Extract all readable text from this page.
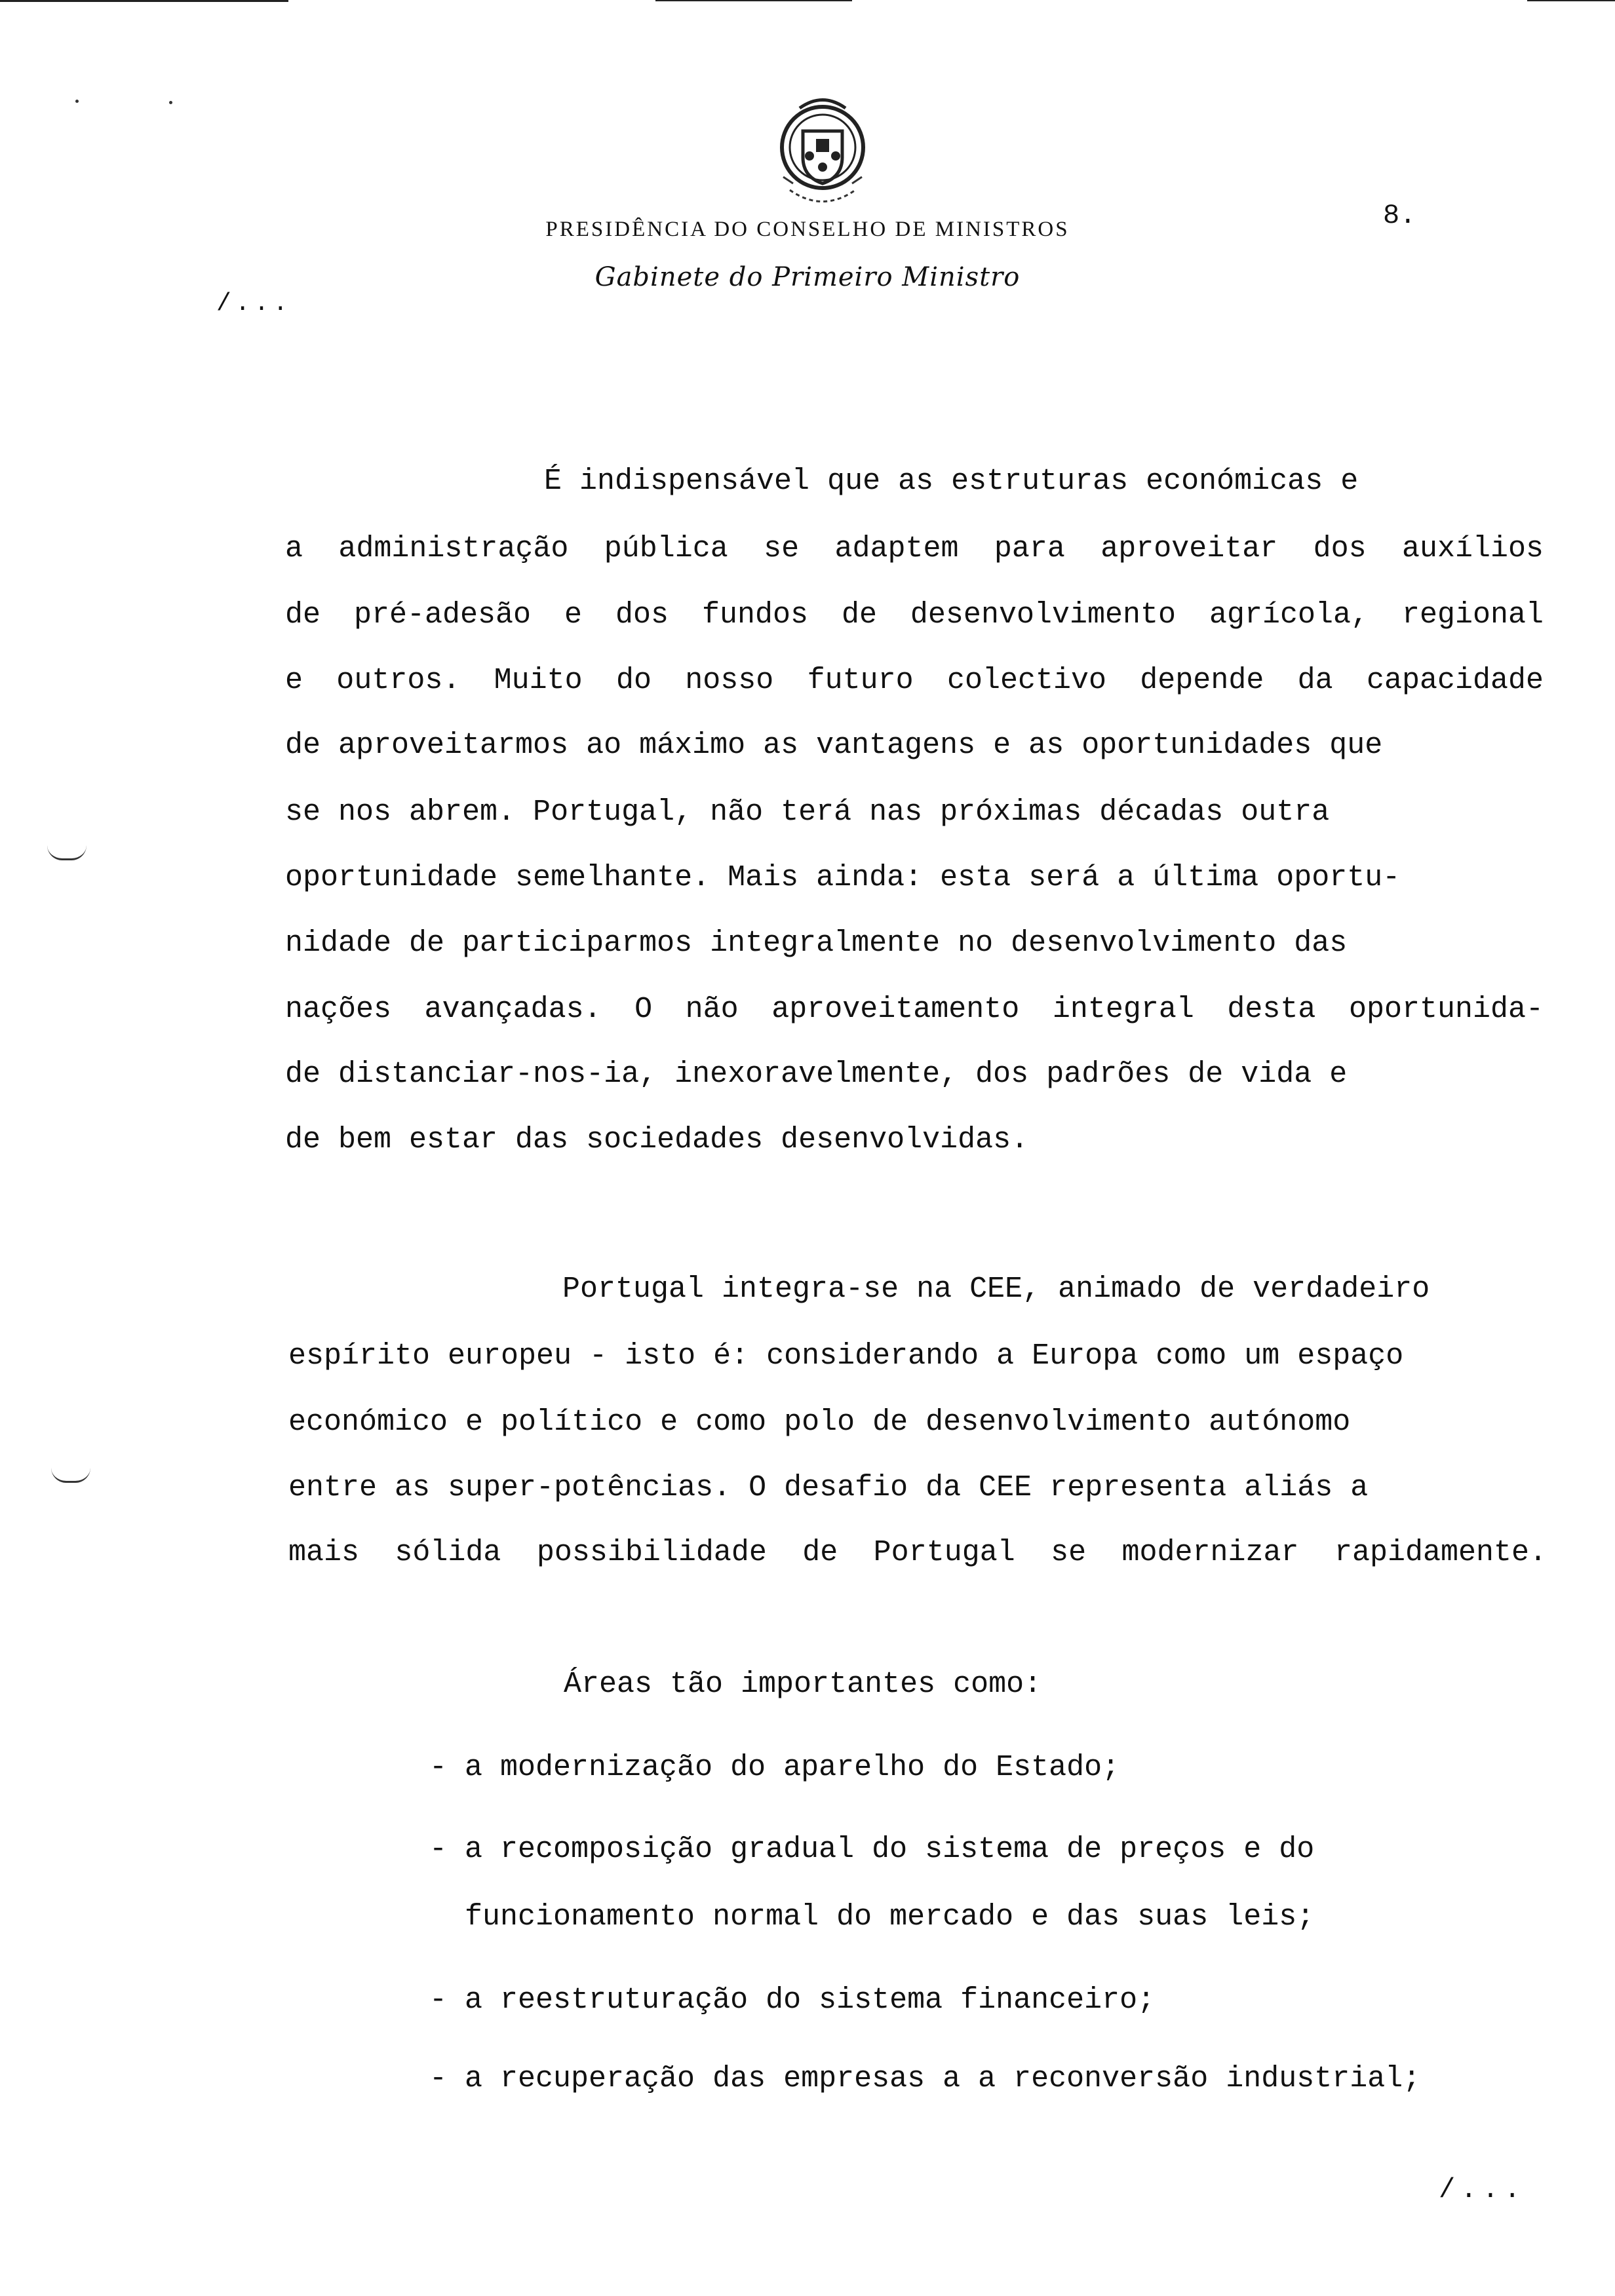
8.
PRESIDÊNCIA DO CONSELHO DE MINISTROS
Gabinete do Primeiro Ministro
/...
É indispensável que as estruturas económicas e
a administração pública se adaptem para aproveitar dos auxílios
de pré-adesão e dos fundos de desenvolvimento agrícola, regional
e outros. Muito do nosso futuro colectivo depende da capacidade
de aproveitarmos ao máximo as vantagens e as oportunidades que
se nos abrem. Portugal, não terá nas próximas décadas outra
oportunidade semelhante. Mais ainda: esta será a última oportu-
nidade de participarmos integralmente no desenvolvimento das
nações avançadas. O não aproveitamento integral desta oportunida-
de distanciar-nos-ia, inexoravelmente, dos padrões de vida e
de bem estar das sociedades desenvolvidas.
Portugal integra-se na CEE, animado de verdadeiro
espírito europeu - isto é: considerando a Europa como um espaço
económico e político e como polo de desenvolvimento autónomo
entre as super-potências. O desafio da CEE representa aliás a
mais sólida possibilidade de Portugal se modernizar rapidamente.
Áreas tão importantes como:
- a modernização do aparelho do Estado;
- a recomposição gradual do sistema de preços e do
funcionamento normal do mercado e das suas leis;
- a reestruturação do sistema financeiro;
- a recuperação das empresas a a reconversão industrial;
/...
